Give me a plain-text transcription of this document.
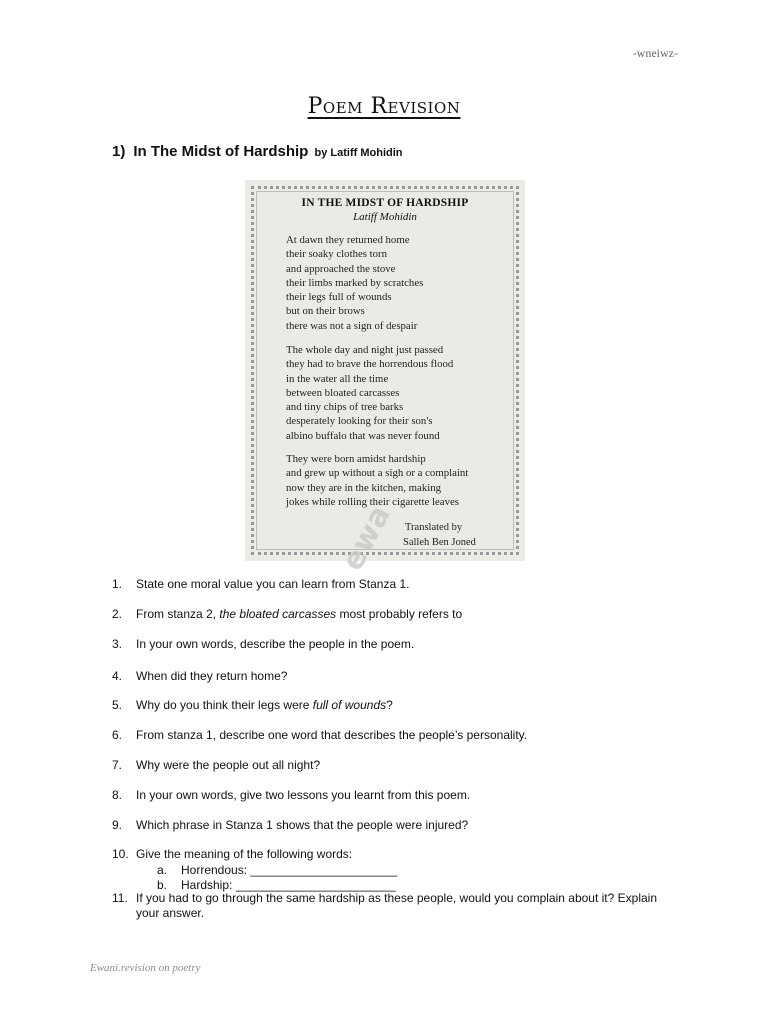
-wneiwz-
Poem Revision
1) In The Midst of Hardship by Latiff Mohidin
IN THE MIDST OF HARDSHIP
Latiff Mohidin
At dawn they returned home
their soaky clothes torn
and approached the stove
their limbs marked by scratches
their legs full of wounds
but on their brows
there was not a sign of despair
The whole day and night just passed
they had to brave the horrendous flood
in the water all the time
between bloated carcasses
and tiny chips of tree barks
desperately looking for their son's
albino buffalo that was never found
They were born amidst hardship
and grew up without a sigh or a complaint
now they are in the kitchen, making
jokes while rolling their cigarette leaves
Translated by
Salleh Ben Joned
ewa
1.	State one moral value you can learn from Stanza 1.
2.	From stanza 2, the bloated carcasses most probably refers to
3.	In your own words, describe the people in the poem.
4.	When did they return home?
5.	Why do you think their legs were full of wounds?
6.	From stanza 1, describe one word that describes the people’s personality.
7.	Why were the people out all night?
8.	In your own words, give two lessons you learnt from this poem.
9.	Which phrase in Stanza 1 shows that the people were injured?
10. Give the meaning of the following words:
a. Horrendous: ______________________
b. Hardship: ________________________
11. If you had to go through the same hardship as these people, would you complain about it? Explain your answer.
Ewani.revision on poetry
